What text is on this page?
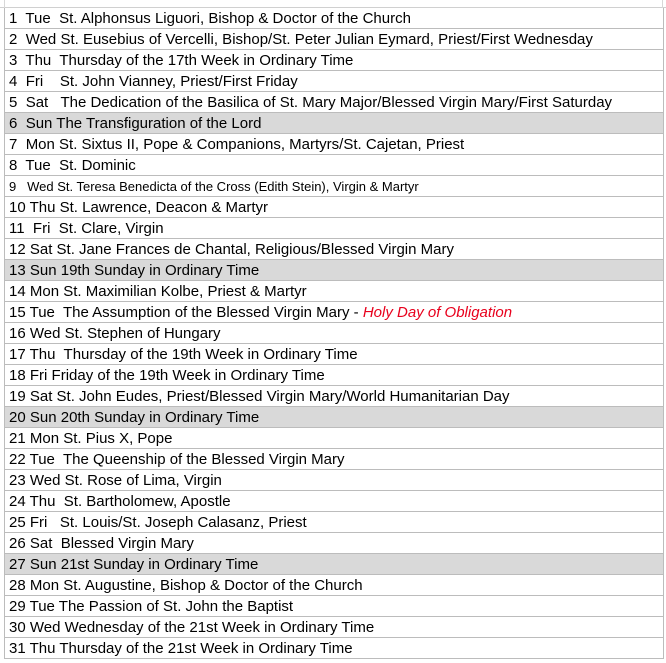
1 Tue St. Alphonsus Liguori, Bishop & Doctor of the Church
2 Wed St. Eusebius of Vercelli, Bishop/St. Peter Julian Eymard, Priest/First Wednesday
3 Thu Thursday of the 17th Week in Ordinary Time
4 Fri St. John Vianney, Priest/First Friday
5 Sat The Dedication of the Basilica of St. Mary Major/Blessed Virgin Mary/First Saturday
6 Sun The Transfiguration of the Lord
7 Mon St. Sixtus II, Pope & Companions, Martyrs/St. Cajetan, Priest
8 Tue St. Dominic
9 Wed St. Teresa Benedicta of the Cross (Edith Stein), Virgin & Martyr
10 Thu St. Lawrence, Deacon & Martyr
11 Fri St. Clare, Virgin
12 Sat St. Jane Frances de Chantal, Religious/Blessed Virgin Mary
13 Sun 19th Sunday in Ordinary Time
14 Mon St. Maximilian Kolbe, Priest & Martyr
15 Tue The Assumption of the Blessed Virgin Mary - Holy Day of Obligation
16 Wed St. Stephen of Hungary
17 Thu Thursday of the 19th Week in Ordinary Time
18 Fri Friday of the 19th Week in Ordinary Time
19 Sat St. John Eudes, Priest/Blessed Virgin Mary/World Humanitarian Day
20 Sun 20th Sunday in Ordinary Time
21 Mon St. Pius X, Pope
22 Tue The Queenship of the Blessed Virgin Mary
23 Wed St. Rose of Lima, Virgin
24 Thu St. Bartholomew, Apostle
25 Fri St. Louis/St. Joseph Calasanz, Priest
26 Sat Blessed Virgin Mary
27 Sun 21st Sunday in Ordinary Time
28 Mon St. Augustine, Bishop & Doctor of the Church
29 Tue The Passion of St. John the Baptist
30 Wed Wednesday of the 21st Week in Ordinary Time
31 Thu Thursday of the 21st Week in Ordinary Time
